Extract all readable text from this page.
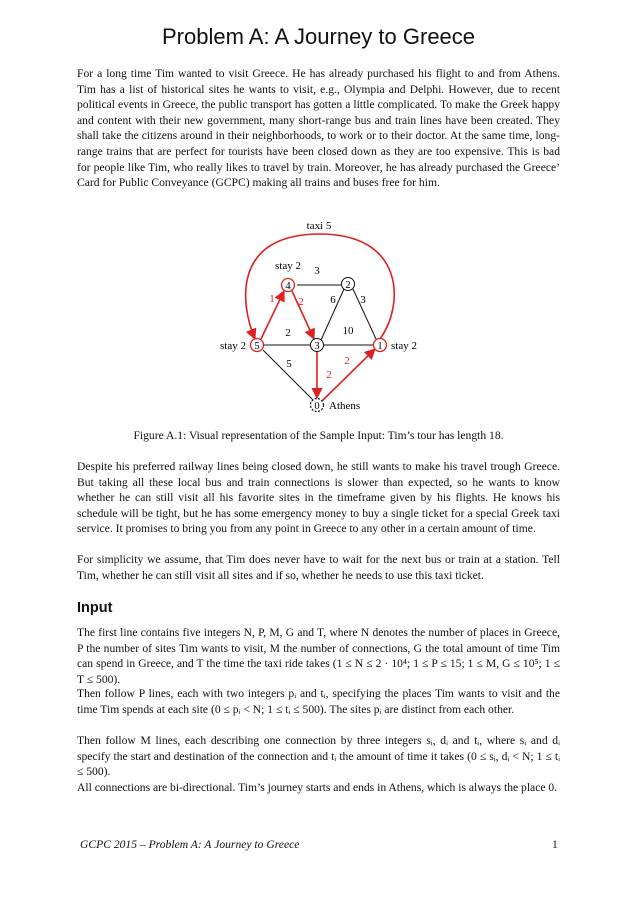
Problem A: A Journey to Greece

For a long time Tim wanted to visit Greece. He has already purchased his flight to and from Athens. Tim has a list of historical sites he wants to visit, e.g., Olympia and Delphi. However, due to recent political events in Greece, the public transport has gotten a little complicated. To make the Greek happy and content with their new government, many short-range bus and train lines have been created. They shall take the citizens around in their neighborhoods, to work or to their doctor. At the same time, long-range trains that are perfect for tourists have been closed down as they are too expensive. This is bad for people like Tim, who really likes to travel by train. Moreover, he has already purchased the Greece’ Card for Public Conveyance (GCPC) making all trains and buses free for him.

4	2
5	3	1
0
3
1 2 6 3
2	10
5
2
2
taxi 5
stay 2
stay 2	stay 2
Athens
Figure A.1: Visual representation of the Sample Input: Tim’s tour has length 18.

Despite his preferred railway lines being closed down, he still wants to make his travel trough Greece. But taking all these local bus and train connections is slower than expected, so he wants to know whether he can still visit all his favorite sites in the timeframe given by his flights. He knows his schedule will be tight, but he has some emergency money to buy a single ticket for a special Greek taxi service. It promises to bring you from any point in Greece to any other in a certain amount of time.

For simplicity we assume, that Tim does never have to wait for the next bus or train at a station. Tell Tim, whether he can still visit all sites and if so, whether he needs to use this taxi ticket.

Input

The first line contains five integers N, P, M, G and T, where N denotes the number of places in Greece, P the number of sites Tim wants to visit, M the number of connections, G the total amount of time Tim can spend in Greece, and T the time the taxi ride takes (1 ≤ N ≤ 2 · 10⁴; 1 ≤ P ≤ 15; 1 ≤ M, G ≤ 10⁵; 1 ≤ T ≤ 500).

Then follow P lines, each with two integers pᵢ and tᵢ, specifying the places Tim wants to visit and the time Tim spends at each site (0 ≤ pᵢ < N; 1 ≤ tᵢ ≤ 500). The sites pᵢ are distinct from each other.

Then follow M lines, each describing one connection by three integers sᵢ, dᵢ and tᵢ, where sᵢ and dᵢ specify the start and destination of the connection and tᵢ the amount of time it takes (0 ≤ sᵢ, dᵢ < N; 1 ≤ tᵢ ≤ 500).

All connections are bi-directional. Tim’s journey starts and ends in Athens, which is always the place 0.

GCPC 2015 – Problem A: A Journey to Greece	1
